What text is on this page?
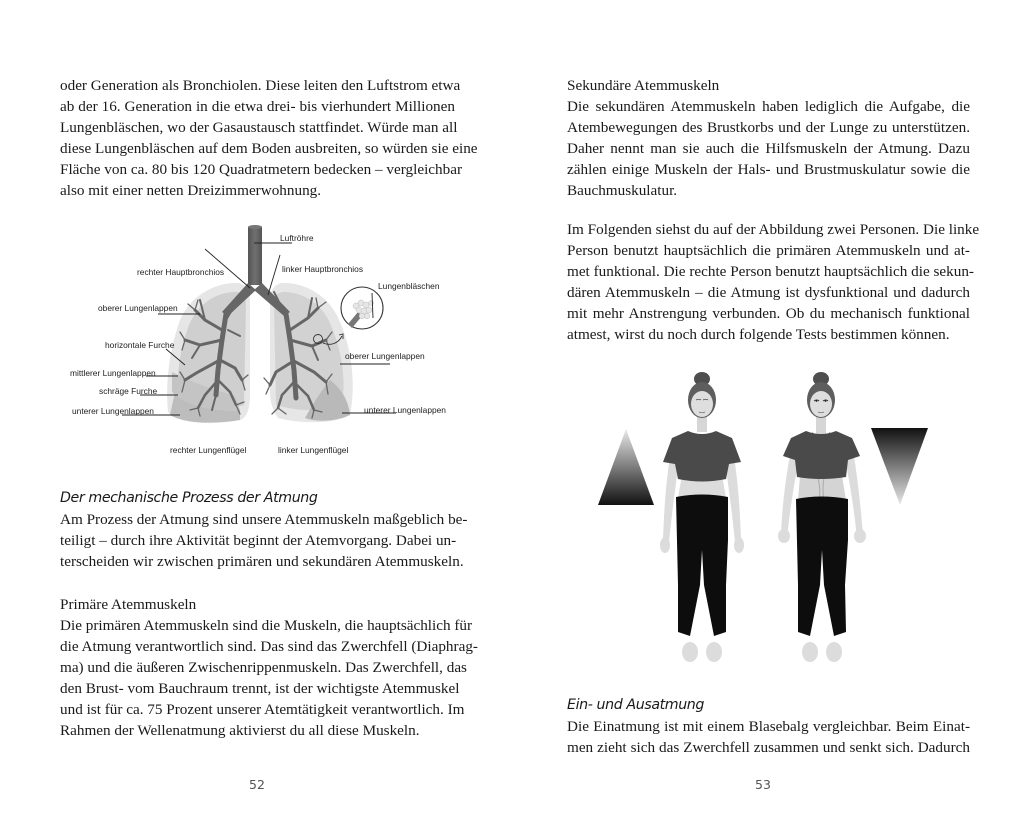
oder Generation als Bronchiolen. Diese leiten den Luftstrom etwa
ab der 16. Generation in die etwa drei- bis vierhundert Millionen
Lungenbläschen, wo der Gasaustausch stattfindet. Würde man all
diese Lungenbläschen auf dem Boden ausbreiten, so würden sie eine
Fläche von ca. 80 bis 120 Quadratmetern bedecken – vergleichbar
also mit einer netten Dreizimmerwohnung.
Luftröhre
rechter Hauptbronchios	linker Hauptbronchios
Lungenbläschen
oberer Lungenlappen
horizontale Furche
mittlerer Lungenlappen
schräge Furche
unterer Lungenlappen
oberer Lungenlappen
unterer Lungenlappen
rechter Lungenflügel	linker Lungenflügel
Der mechanische Prozess der Atmung
Am Prozess der Atmung sind unsere Atemmuskeln maßgeblich be-
teiligt – durch ihre Aktivität beginnt der Atemvorgang. Dabei un-
terscheiden wir zwischen primären und sekundären Atemmuskeln.
Primäre Atemmuskeln
Die primären Atemmuskeln sind die Muskeln, die hauptsächlich für
die Atmung verantwortlich sind. Das sind das Zwerchfell (Diaphrag-
ma) und die äußeren Zwischenrippenmuskeln. Das Zwerchfell, das
den Brust- vom Bauchraum trennt, ist der wichtigste Atemmuskel
und ist für ca. 75 Prozent unserer Atemtätigkeit verantwortlich. Im
Rahmen der Wellenatmung aktivierst du all diese Muskeln.
52
Sekundäre Atemmuskeln
Die sekundären Atemmuskeln haben lediglich die Aufgabe, die
Atembewegungen des Brustkorbs und der Lunge zu unterstützen.
Daher nennt man sie auch die Hilfsmuskeln der Atmung. Dazu
zählen einige Muskeln der Hals- und Brustmuskulatur sowie die
Bauchmuskulatur.
Im Folgenden siehst du auf der Abbildung zwei Personen. Die linke
Person benutzt hauptsächlich die primären Atemmuskeln und at-
met funktional. Die rechte Person benutzt hauptsächlich die sekun-
dären Atemmuskeln – die Atmung ist dysfunktional und dadurch
mit mehr Anstrengung verbunden. Ob du mechanisch funktional
atmest, wirst du noch durch folgende Tests bestimmen können.
Ein- und Ausatmung
Die Einatmung ist mit einem Blasebalg vergleichbar. Beim Einat-
men zieht sich das Zwerchfell zusammen und senkt sich. Dadurch
53
